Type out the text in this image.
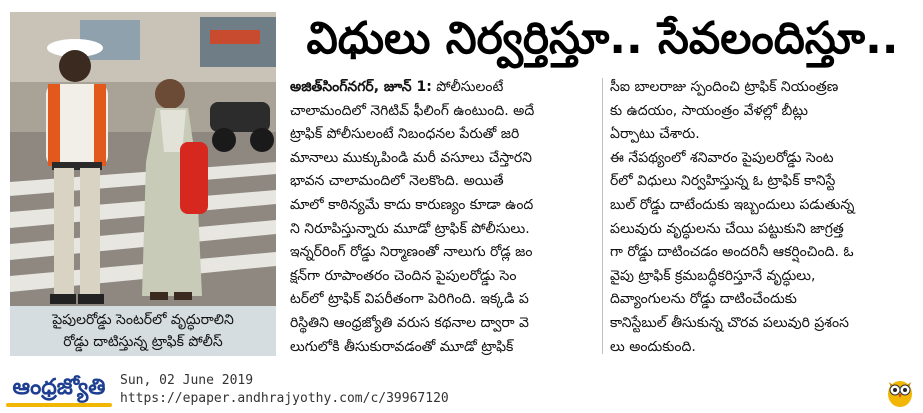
పైపులరోడ్డు సెంటర్‌లో వృద్ధురాలిని
రోడ్డు దాటిస్తున్న ట్రాఫిక్ పోలీస్
విధులు నిర్వర్తిస్తూ.. సేవలందిస్తూ..
అజిత్‌సింగ్‌నగర్, జూన్ 1: పోలీసులంటే
చాలామందిలో నెగిటివ్ ఫీలింగ్ ఉంటుంది. అదే
ట్రాఫిక్ పోలీసులంటే నిబంధనల పేరుతో జరి
మానాలు ముక్కుపిండి మరీ వసూలు చేస్తారని
భావన చాలామందిలో నెలకొంది. అయితే
మాలో కాఠిన్యమే కాదు కారుణ్యం కూడా ఉంద
ని నిరూపిస్తున్నారు మూడో ట్రాఫిక్ పోలీసులు.
ఇన్నర్‌రింగ్ రోడ్డు నిర్మాణంతో నాలుగు రోడ్ల జం
క్షన్‌గా రూపాంతరం చెందిన పైపులరోడ్డు సెం
టర్‌లో ట్రాఫిక్ విపరీతంగా పెరిగింది. ఇక్కడి ప
రిస్థితిని ఆంధ్రజ్యోతి వరుస కథనాల ద్వారా వె
లుగులోకి తీసుకురావడంతో మూడో ట్రాఫిక్
సీఐ బాలరాజు స్పందించి ట్రాఫిక్ నియంత్రణ
కు ఉదయం, సాయంత్రం వేళల్లో బీట్లు
ఏర్పాటు చేశారు.
ఈ నేపథ్యంలో శనివారం పైపులరోడ్డు సెంట
ర్‌లో విధులు నిర్వహిస్తున్న ఓ ట్రాఫిక్ కానిస్టే
బుల్ రోడ్డు దాటేందుకు ఇబ్బందులు పడుతున్న
పలువురు వృద్ధులను చేయి పట్టుకుని జాగ్రత్త
గా రోడ్డు దాటించడం అందరినీ ఆకర్షించింది. ఓ
వైపు ట్రాఫిక్ క్రమబద్ధీకరిస్తూనే వృద్ధులు,
దివ్యాంగులను రోడ్డు దాటించేందుకు
కానిస్టేబుల్ తీసుకున్న చొరవ పలువురి ప్రశంస
లు అందుకుంది.
ఆంధ్రజ్యోతి Sun, 02 June 2019
https://epaper.andhrajyothy.com/c/39967120
